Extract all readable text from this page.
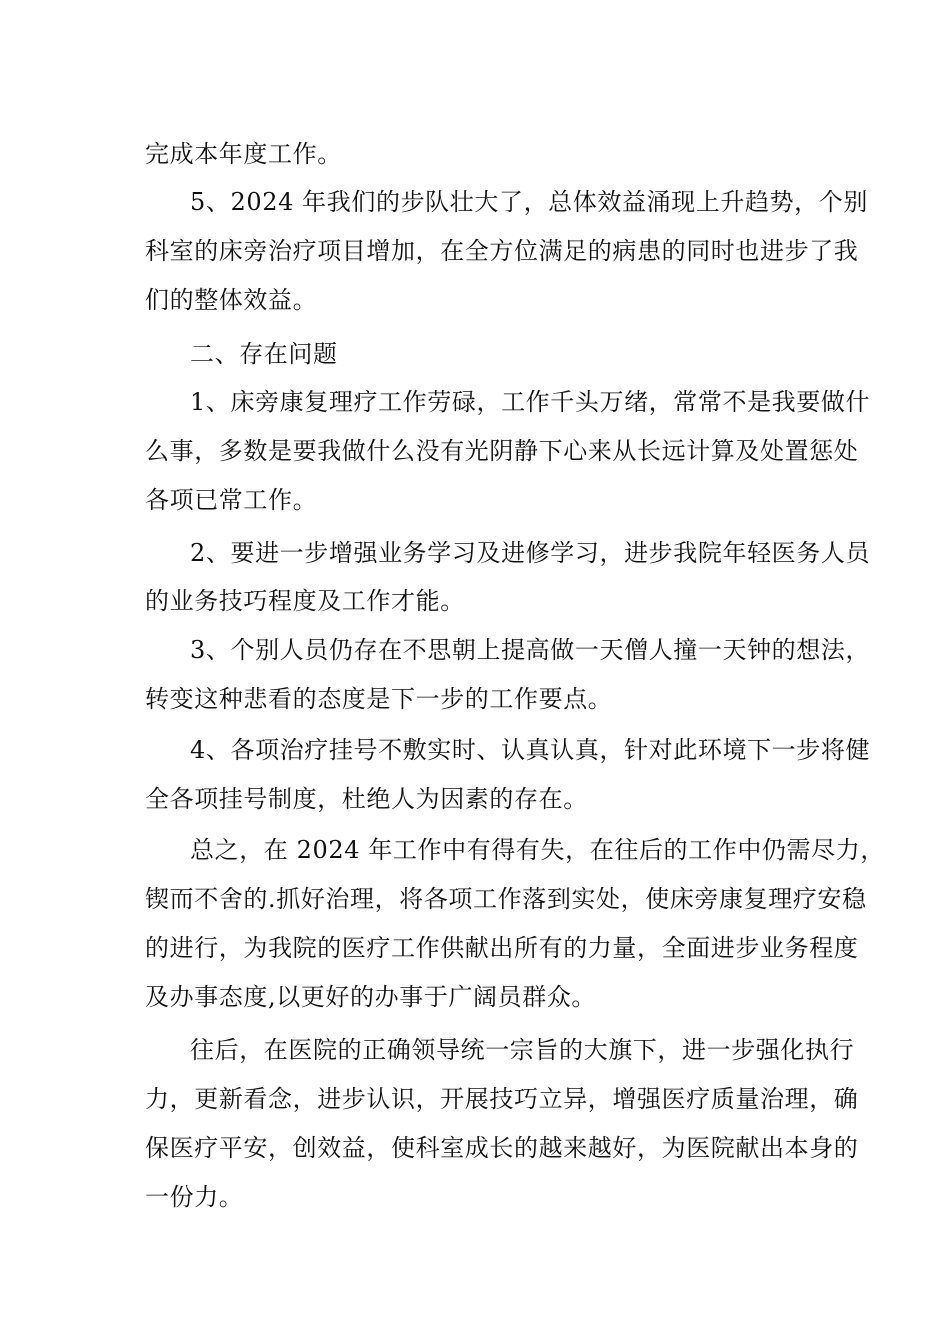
完成本年度工作。
5、2024 年我们的步队壮大了，总体效益涌现上升趋势，个别
科室的床旁治疗项目增加，在全方位满足的病患的同时也进步了我
们的整体效益。
二、存在问题
1、床旁康复理疗工作劳碌，工作千头万绪，常常不是我要做什
么事，多数是要我做什么没有光阴静下心来从长远计算及处置惩处
各项已常工作。
2、要进一步增强业务学习及进修学习，进步我院年轻医务人员
的业务技巧程度及工作才能。
3、个别人员仍存在不思朝上提高做一天僧人撞一天钟的想法，
转变这种悲看的态度是下一步的工作要点。
4、各项治疗挂号不敷实时、认真认真，针对此环境下一步将健
全各项挂号制度，杜绝人为因素的存在。
总之，在 2024 年工作中有得有失，在往后的工作中仍需尽力，
锲而不舍的.抓好治理，将各项工作落到实处，使床旁康复理疗安稳
的进行，为我院的医疗工作供献出所有的力量，全面进步业务程度
及办事态度,以更好的办事于广阔员群众。
往后，在医院的正确领导统一宗旨的大旗下，进一步强化执行
力，更新看念，进步认识，开展技巧立异，增强医疗质量治理，确
保医疗平安，创效益，使科室成长的越来越好，为医院献出本身的
一份力。
